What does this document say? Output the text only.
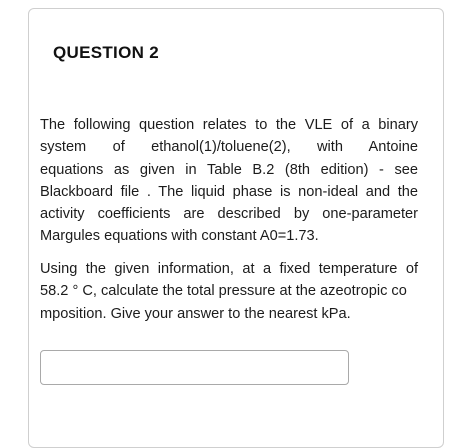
QUESTION 2

The following question relates to the VLE of a binary
system of ethanol(1)/toluene(2), with Antoine
equations as given in Table B.2 (8th edition) - see
Blackboard file . The liquid phase is non-ideal and the
activity coefficients are described by one-parameter
Margules equations with constant A0=1.73.

Using the given information, at a fixed temperature of
58.2 ° C, calculate the total pressure at the azeotropic co
mposition. Give your answer to the nearest kPa.
